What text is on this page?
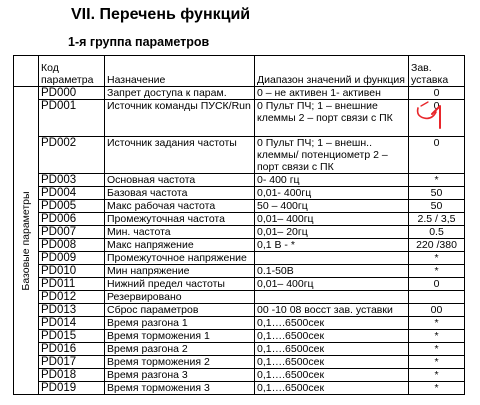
VII. Перечень функций
1-я группа параметров
	Код параметра	Назначение	Диапазон значений и функция	Зав. уставка

Базовые параметры	PD000	Запрет доступа к парам.	0 – не активен 1- активен	0
	PD001	Источник команды ПУСК/Run	0 Пульт ПЧ; 1 – внешние клеммы 2 – порт связи с ПК	0
	PD002	Источник задания частоты	0 Пульт ПЧ; 1 – внешн.. клеммы/ потенциометр 2 – порт связи с ПК	0
	PD003	Основная частота	0- 400 гц	*
	PD004	Базовая частота	0,01- 400гц	50
	PD005	Макс рабочая частота	50 – 400гц	50
	PD006	Промежуточная частота	0,01– 400гц	2.5 / 3,5
	PD007	Мин. частота	0,01– 20гц	0.5
	PD008	Макс напряжение	0,1 В - *	220 /380
	PD009	Промежуточное напряжение		*
	PD010	Мин напряжение	0.1-50В	*
	PD011	Нижний предел частоты	0,01– 400гц	0
	PD012	Резервировано		
	PD013	Сброс параметров	00 -10 08 восст зав. уставки	00
	PD014	Время разгона 1	0,1….6500сек	*
	PD015	Время торможения 1	0,1….6500сек	*
	PD016	Время разгона 2	0,1….6500сек	*
	PD017	Время торможения 2	0,1….6500сек	*
	PD018	Время разгона 3	0,1….6500сек	*
	PD019	Время торможения 3	0,1….6500сек	*
